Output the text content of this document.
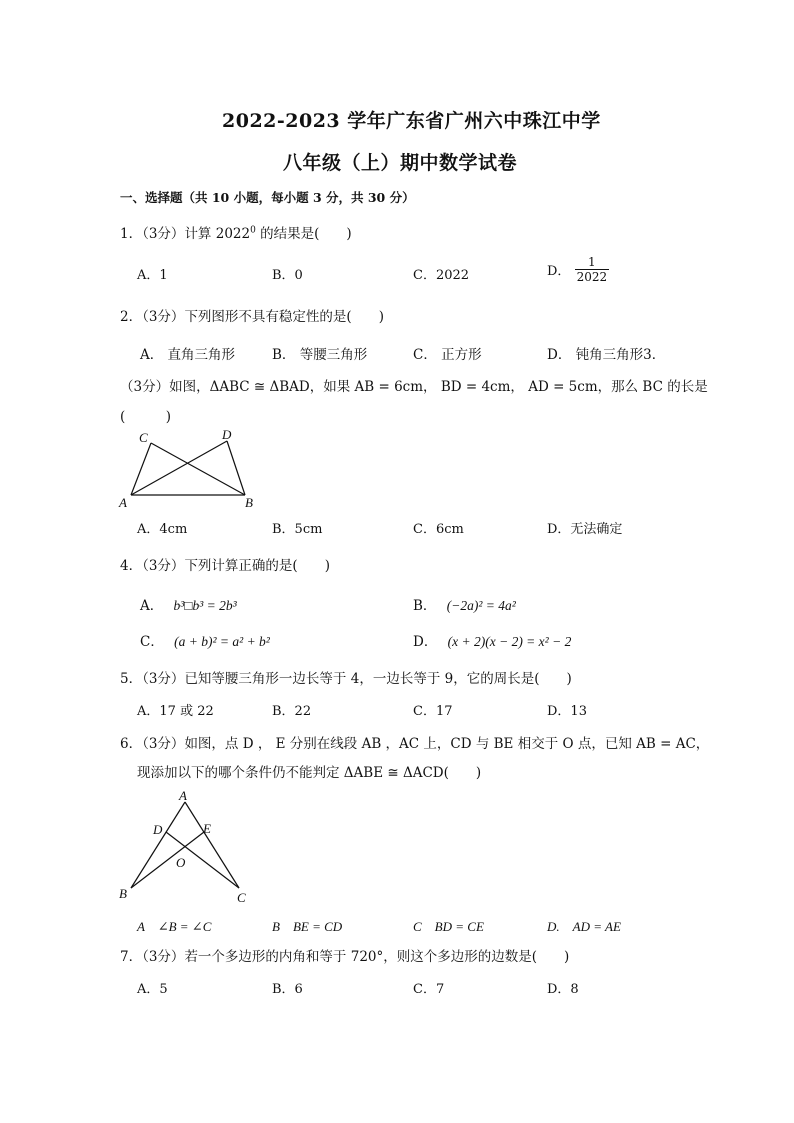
2022-2023 学年广东省广州六中珠江中学
八年级（上）期中数学试卷
一、选择题（共 10 小题，每小题 3 分，共 30 分）
1．（3分）计算 2022$^0$ 的结果是(　　)
A．1	B．0	C．2022	D． $\frac{1}{2022}$
2．（3分）下列图形不具有稳定性的是(　　)
A． 直角三角形	B． 等腰三角形	C． 正方形	D． 钝角三角形3．
（3分）如图，ΔABC ≅ ΔBAD，如果 AB = 6cm， BD = 4cm， AD = 5cm，那么 BC 的长是
(　　　)
C	D
A	B
A．4cm	B．5cm	C．6cm	D．无法确定
4．（3分）下列计算正确的是(　　)
A． b³□b³ = 2b³	B． (−2a)² = 4a²
C． (a + b)² = a² + b²	D． (x + 2)(x − 2) = x² − 2
5．（3分）已知等腰三角形一边长等于 4，一边长等于 9，它的周长是(　　)
A．17 或 22	B．22	C．17	D．13
6．（3分）如图，点 D ， E 分别在线段 AB ，AC 上，CD 与 BE 相交于 O 点，已知 AB = AC，
现添加以下的哪个条件仍不能判定 ΔABE ≅ ΔACD(　　)
A
D	E
O
B	C
A　∠B = ∠C	B　BE = CD	C　BD = CE	D.　AD = AE
7．（3分）若一个多边形的内角和等于 720°，则这个多边形的边数是(　　)
A．5	B．6	C．7	D．8
